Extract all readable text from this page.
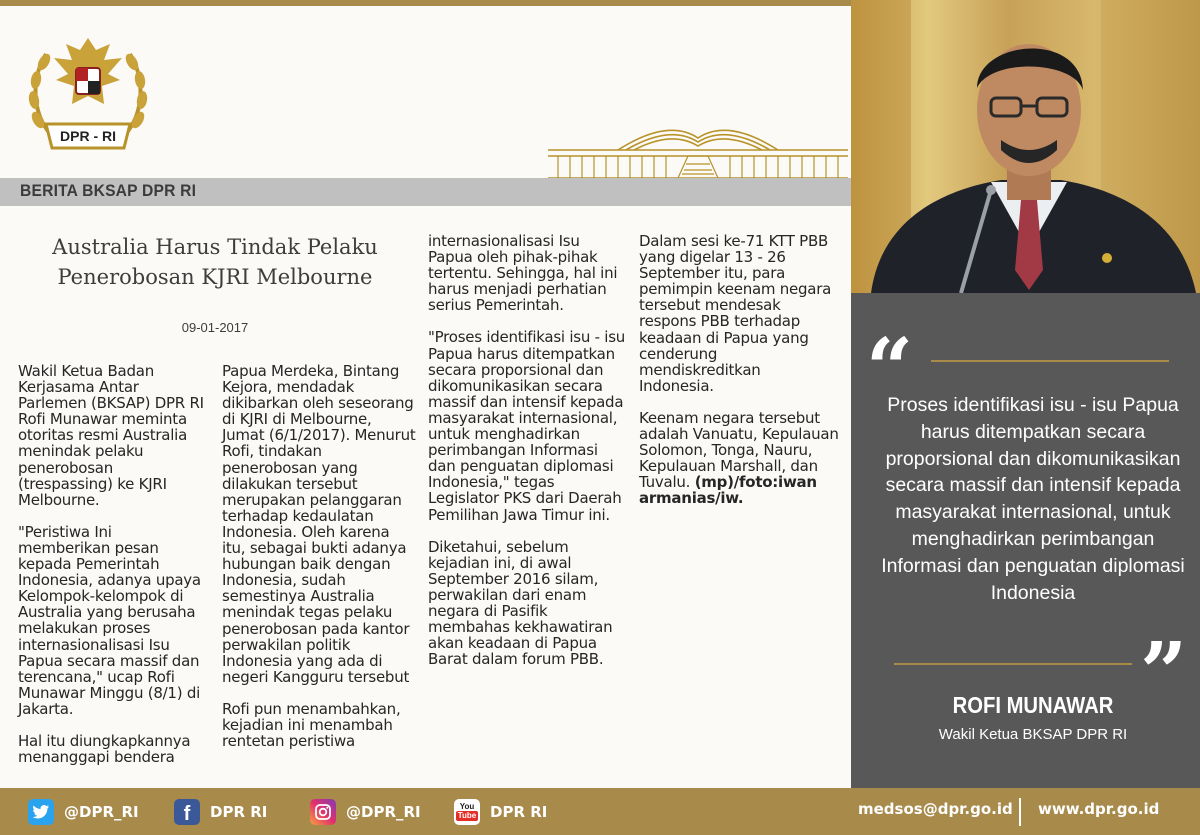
DPR - RI
BERITA BKSAP DPR RI
Australia Harus Tindak Pelaku
Penerobosan KJRI Melbourne
09-01-2017

Wakil Ketua Badan Kerjasama Antar Parlemen (BKSAP) DPR RI Rofi Munawar meminta otoritas resmi Australia menindak pelaku penerobosan (trespassing) ke KJRI Melbourne.

"Peristiwa Ini memberikan pesan kepada Pemerintah Indonesia, adanya upaya Kelompok-kelompok di Australia yang berusaha melakukan proses internasionalisasi Isu Papua secara massif dan terencana," ucap Rofi Munawar Minggu (8/1) di Jakarta.

Hal itu diungkapkannya menanggapi bendera

Papua Merdeka, Bintang Kejora, mendadak dikibarkan oleh seseorang di KJRI di Melbourne, Jumat (6/1/2017). Menurut Rofi, tindakan penerobosan yang dilakukan tersebut merupakan pelanggaran terhadap kedaulatan Indonesia. Oleh karena itu, sebagai bukti adanya hubungan baik dengan Indonesia, sudah semestinya Australia menindak tegas pelaku penerobosan pada kantor perwakilan politik Indonesia yang ada di negeri Kangguru tersebut

Rofi pun menambahkan, kejadian ini menambah rentetan peristiwa

internasionalisasi Isu Papua oleh pihak-pihak tertentu. Sehingga, hal ini harus menjadi perhatian serius Pemerintah.

"Proses identifikasi isu - isu Papua harus ditempatkan secara proporsional dan dikomunikasikan secara massif dan intensif kepada masyarakat internasional, untuk menghadirkan perimbangan Informasi dan penguatan diplomasi Indonesia," tegas Legislator PKS dari Daerah Pemilihan Jawa Timur ini.

Diketahui, sebelum kejadian ini, di awal September 2016 silam, perwakilan dari enam negara di Pasifik membahas kekhawatiran akan keadaan di Papua Barat dalam forum PBB.

Dalam sesi ke-71 KTT PBB yang digelar 13 - 26 September itu, para pemimpin keenam negara tersebut mendesak respons PBB terhadap keadaan di Papua yang cenderung mendiskreditkan Indonesia.

Keenam negara tersebut adalah Vanuatu, Kepulauan Solomon, Tonga, Nauru, Kepulauan Marshall, dan Tuvalu. (mp)/foto:iwan armanias/iw.

“
Proses identifikasi isu - isu Papua harus ditempatkan secara proporsional dan dikomunikasikan secara massif dan intensif kepada masyarakat internasional, untuk menghadirkan perimbangan Informasi dan penguatan diplomasi Indonesia
”
ROFI MUNAWAR
Wakil Ketua BKSAP DPR RI
@DPR_RI f DPR RI	@DPR_RI	You
Tube DPR RI	medsos@dpr.go.id www.dpr.go.id
